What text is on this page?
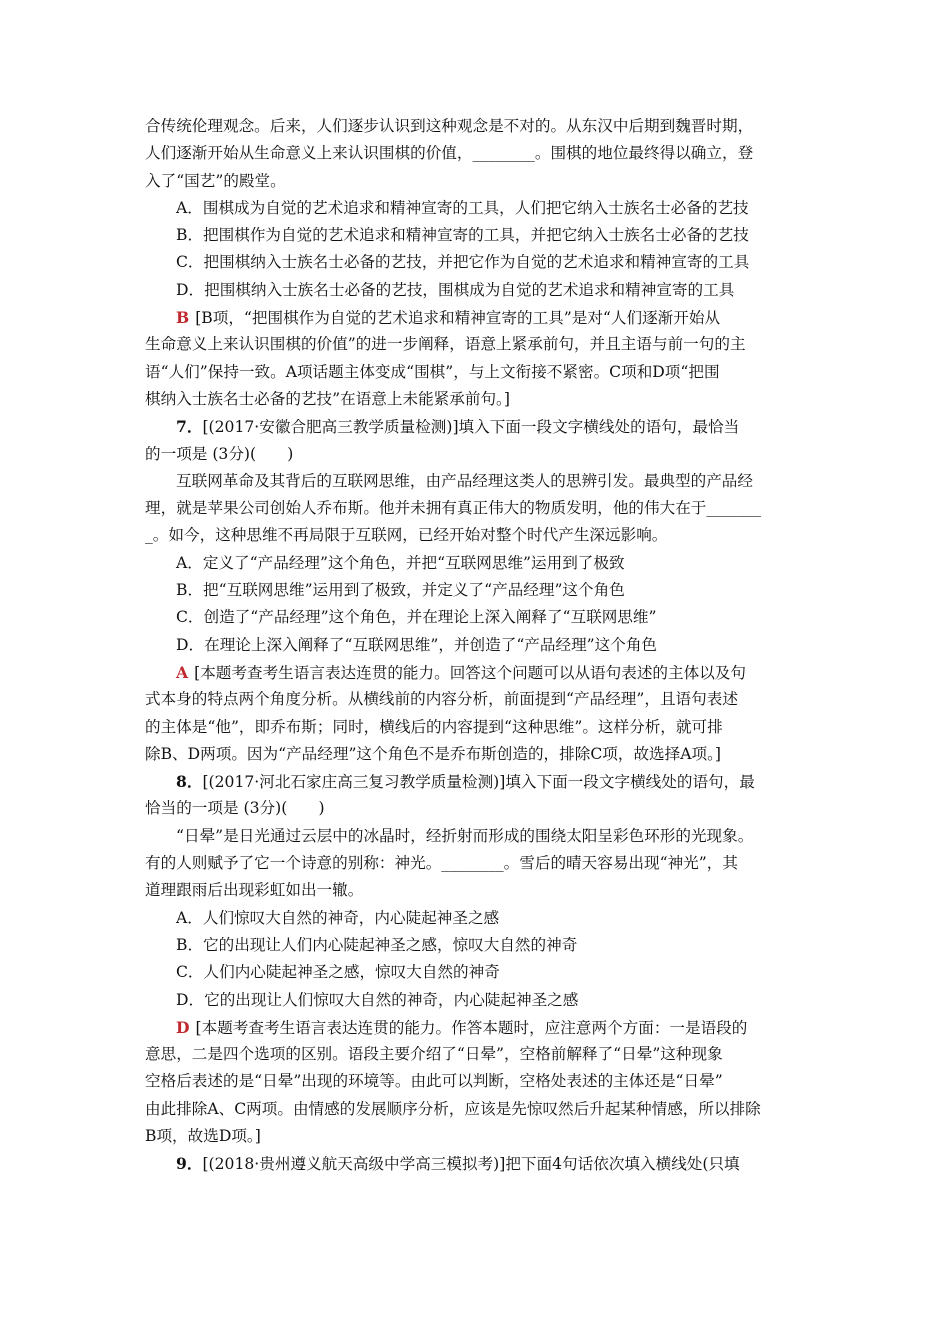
合传统伦理观念。后来，人们逐步认识到这种观念是不对的。从东汉中后期到魏晋时期，
人们逐渐开始从生命意义上来认识围棋的价值，________。围棋的地位最终得以确立，登
入了“国艺”的殿堂。
A．围棋成为自觉的艺术追求和精神宣寄的工具，人们把它纳入士族名士必备的艺技
B．把围棋作为自觉的艺术追求和精神宣寄的工具，并把它纳入士族名士必备的艺技
C．把围棋纳入士族名士必备的艺技，并把它作为自觉的艺术追求和精神宣寄的工具
D．把围棋纳入士族名士必备的艺技，围棋成为自觉的艺术追求和精神宣寄的工具
B [B项，“把围棋作为自觉的艺术追求和精神宣寄的工具”是对“人们逐渐开始从
生命意义上来认识围棋的价值”的进一步阐释，语意上紧承前句，并且主语与前一句的主
语“人们”保持一致。A项话题主体变成“围棋”，与上文衔接不紧密。C项和D项“把围
棋纳入士族名士必备的艺技”在语意上未能紧承前句。]
7．[(2017·安徽合肥高三教学质量检测)]填入下面一段文字横线处的语句，最恰当
的一项是 (3分)(　　)
互联网革命及其背后的互联网思维，由产品经理这类人的思辨引发。最典型的产品经
理，就是苹果公司创始人乔布斯。他并未拥有真正伟大的物质发明，他的伟大在于_______
_。如今，这种思维不再局限于互联网，已经开始对整个时代产生深远影响。
A．定义了“产品经理”这个角色，并把“互联网思维”运用到了极致
B．把“互联网思维”运用到了极致，并定义了“产品经理”这个角色
C．创造了“产品经理”这个角色，并在理论上深入阐释了“互联网思维”
D．在理论上深入阐释了“互联网思维”，并创造了“产品经理”这个角色
A [本题考查考生语言表达连贯的能力。回答这个问题可以从语句表述的主体以及句
式本身的特点两个角度分析。从横线前的内容分析，前面提到“产品经理”，且语句表述
的主体是“他”，即乔布斯；同时，横线后的内容提到“这种思维”。这样分析，就可排
除B、D两项。因为“产品经理”这个角色不是乔布斯创造的，排除C项，故选择A项。]
8．[(2017·河北石家庄高三复习教学质量检测)]填入下面一段文字横线处的语句，最
恰当的一项是 (3分)(　　)
“日晕”是日光通过云层中的冰晶时，经折射而形成的围绕太阳呈彩色环形的光现象。
有的人则赋予了它一个诗意的别称：神光。________。雪后的晴天容易出现“神光”，其
道理跟雨后出现彩虹如出一辙。
A．人们惊叹大自然的神奇，内心陡起神圣之感
B．它的出现让人们内心陡起神圣之感，惊叹大自然的神奇
C．人们内心陡起神圣之感，惊叹大自然的神奇
D．它的出现让人们惊叹大自然的神奇，内心陡起神圣之感
D [本题考查考生语言表达连贯的能力。作答本题时，应注意两个方面：一是语段的
意思，二是四个选项的区别。语段主要介绍了“日晕”，空格前解释了“日晕”这种现象
空格后表述的是“日晕”出现的环境等。由此可以判断，空格处表述的主体还是“日晕”
由此排除A、C两项。由情感的发展顺序分析，应该是先惊叹然后升起某种情感，所以排除
B项，故选D项。]
9．[(2018·贵州遵义航天高级中学高三模拟考)]把下面4句话依次填入横线处(只填
